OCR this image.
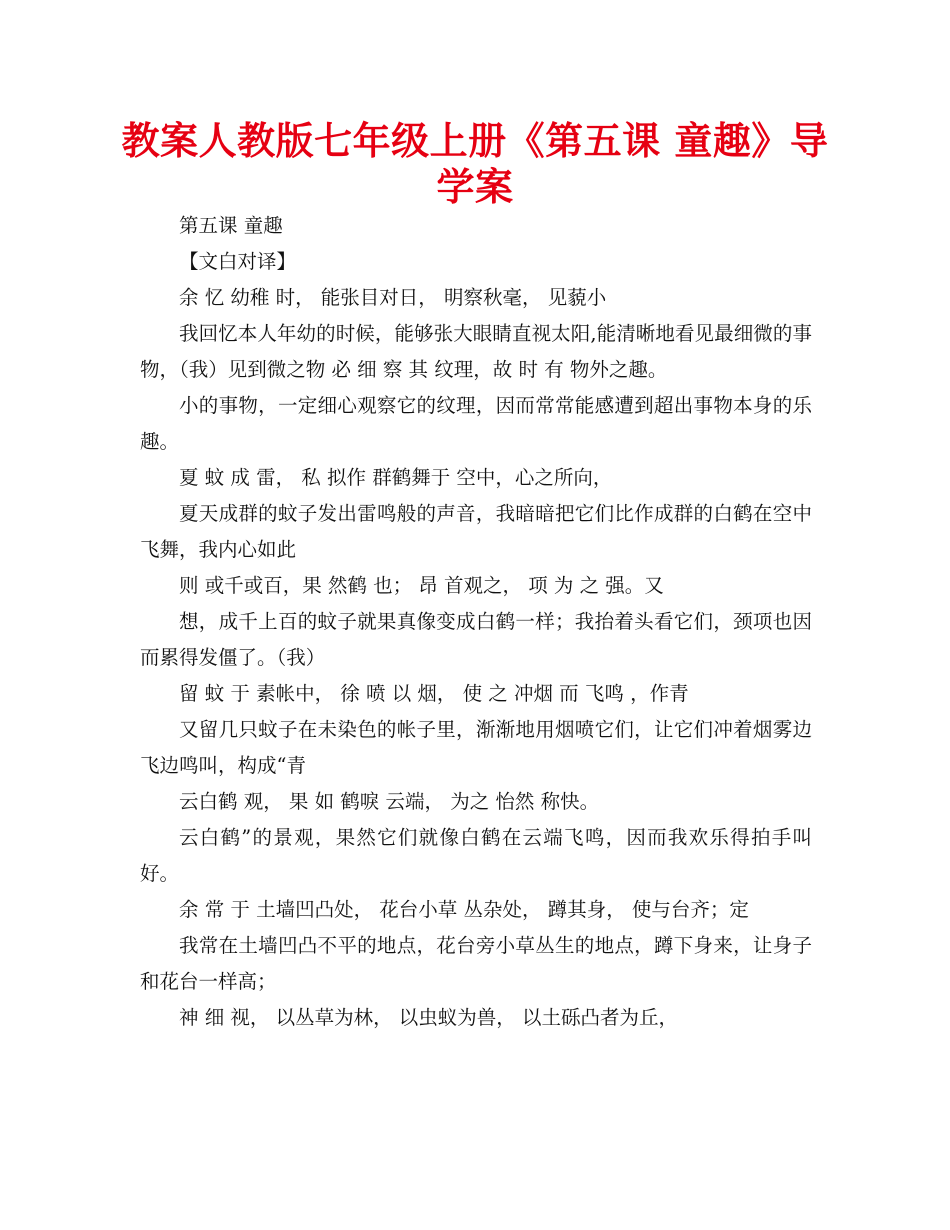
教案人教版七年级上册《第五课 童趣》导学案

第五课 童趣

【文白对译】

余 忆 幼稚 时， 能张目对日， 明察秋毫， 见藐小

我回忆本人年幼的时候，能够张大眼睛直视太阳,能清晰地看见最细微的事物，（我）见到微之物 必 细 察 其 纹理，故 时 有 物外之趣。

小的事物，一定细心观察它的纹理，因而常常能感遭到超出事物本身的乐趣。

夏 蚊 成 雷， 私 拟作 群鹤舞于 空中，心之所向，

夏天成群的蚊子发出雷鸣般的声音，我暗暗把它们比作成群的白鹤在空中飞舞，我内心如此

则 或千或百，果 然鹤 也； 昂 首观之， 项 为 之 强。又

想，成千上百的蚊子就果真像变成白鹤一样；我抬着头看它们，颈项也因而累得发僵了。（我）

留 蚊 于 素帐中， 徐 喷 以 烟， 使 之 冲烟 而 飞鸣 ，作青

又留几只蚊子在未染色的帐子里，渐渐地用烟喷它们，让它们冲着烟雾边飞边鸣叫，构成“青

云白鹤 观， 果 如 鹤唳 云端， 为之 怡然 称快。

云白鹤”的景观，果然它们就像白鹤在云端飞鸣，因而我欢乐得拍手叫好。

余 常 于 土墙凹凸处， 花台小草 丛杂处， 蹲其身， 使与台齐；定

我常在土墙凹凸不平的地点，花台旁小草丛生的地点，蹲下身来，让身子和花台一样高；

神 细 视， 以丛草为林， 以虫蚁为兽， 以土砾凸者为丘，
